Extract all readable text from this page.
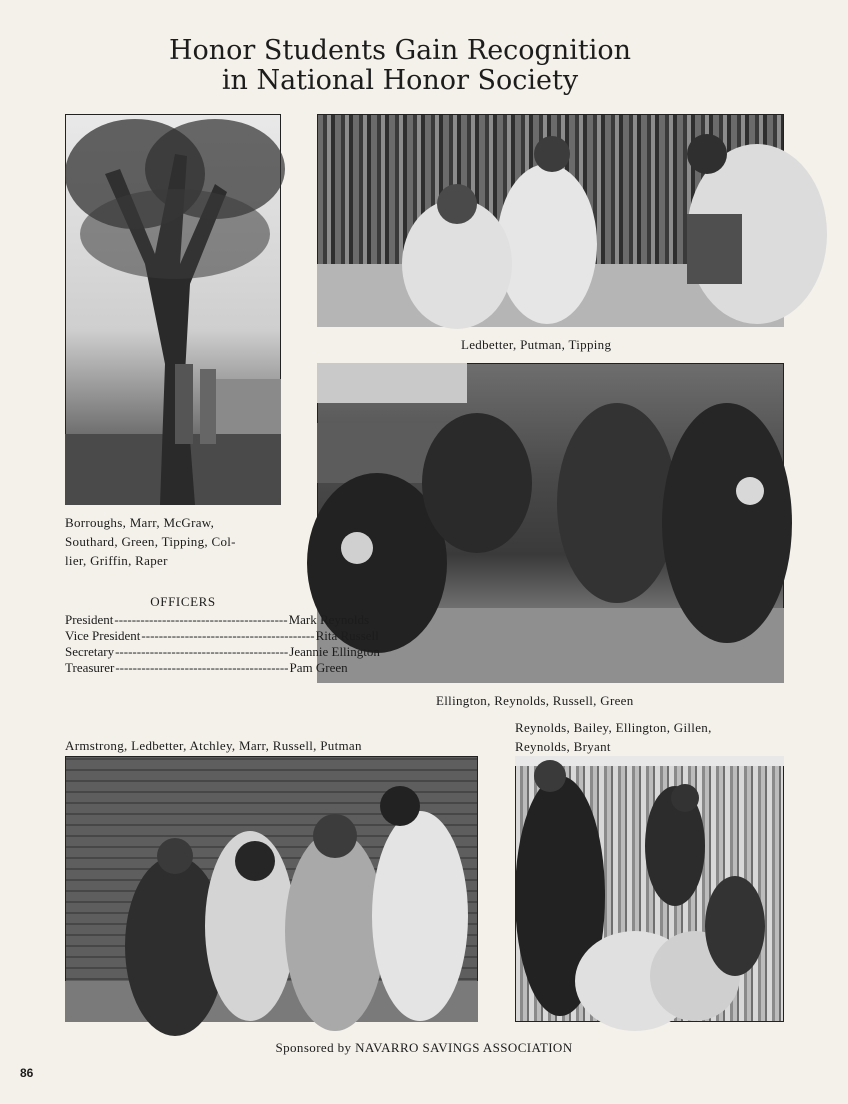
Honor Students Gain Recognition
in National Honor Society
Ledbetter, Putman, Tipping
Borroughs, Marr, McGraw,
Southard, Green, Tipping, Col-
lier, Griffin, Raper
OFFICERS
President ---------------------------------------- Mark Reynolds
Vice President ---------------------------------------- Rita Russell
Secretary ---------------------------------------- Jeannie Ellington
Treasurer ---------------------------------------- Pam Green
Ellington, Reynolds, Russell, Green
Reynolds, Bailey, Ellington, Gillen,
Reynolds, Bryant
Armstrong, Ledbetter, Atchley, Marr, Russell, Putman
Sponsored by NAVARRO SAVINGS ASSOCIATION
86
